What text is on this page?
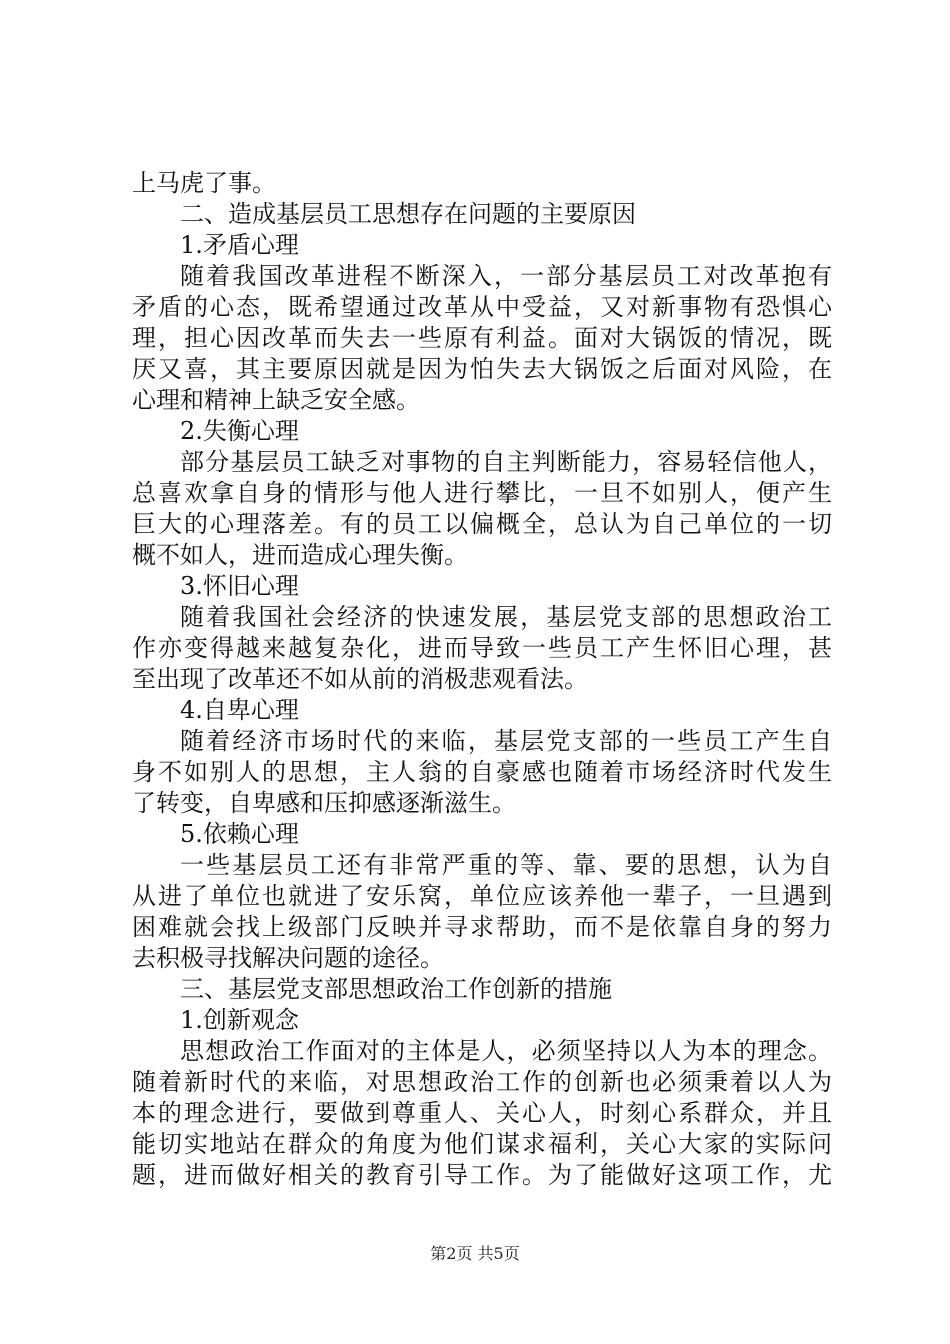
上马虎了事。
二、造成基层员工思想存在问题的主要原因
1.矛盾心理
随着我国改革进程不断深入，一部分基层员工对改革抱有
矛盾的心态，既希望通过改革从中受益，又对新事物有恐惧心
理，担心因改革而失去一些原有利益。面对大锅饭的情况，既
厌又喜，其主要原因就是因为怕失去大锅饭之后面对风险，在
心理和精神上缺乏安全感。
2.失衡心理
部分基层员工缺乏对事物的自主判断能力，容易轻信他人，
总喜欢拿自身的情形与他人进行攀比，一旦不如别人，便产生
巨大的心理落差。有的员工以偏概全，总认为自己单位的一切
概不如人，进而造成心理失衡。
3.怀旧心理
随着我国社会经济的快速发展，基层党支部的思想政治工
作亦变得越来越复杂化，进而导致一些员工产生怀旧心理，甚
至出现了改革还不如从前的消极悲观看法。
4.自卑心理
随着经济市场时代的来临，基层党支部的一些员工产生自
身不如别人的思想，主人翁的自豪感也随着市场经济时代发生
了转变，自卑感和压抑感逐渐滋生。
5.依赖心理
一些基层员工还有非常严重的等、靠、要的思想，认为自
从进了单位也就进了安乐窝，单位应该养他一辈子，一旦遇到
困难就会找上级部门反映并寻求帮助，而不是依靠自身的努力
去积极寻找解决问题的途径。
三、基层党支部思想政治工作创新的措施
1.创新观念
思想政治工作面对的主体是人，必须坚持以人为本的理念。
随着新时代的来临，对思想政治工作的创新也必须秉着以人为
本的理念进行，要做到尊重人、关心人，时刻心系群众，并且
能切实地站在群众的角度为他们谋求福利，关心大家的实际问
题，进而做好相关的教育引导工作。为了能做好这项工作，尤
第2页 共5页
